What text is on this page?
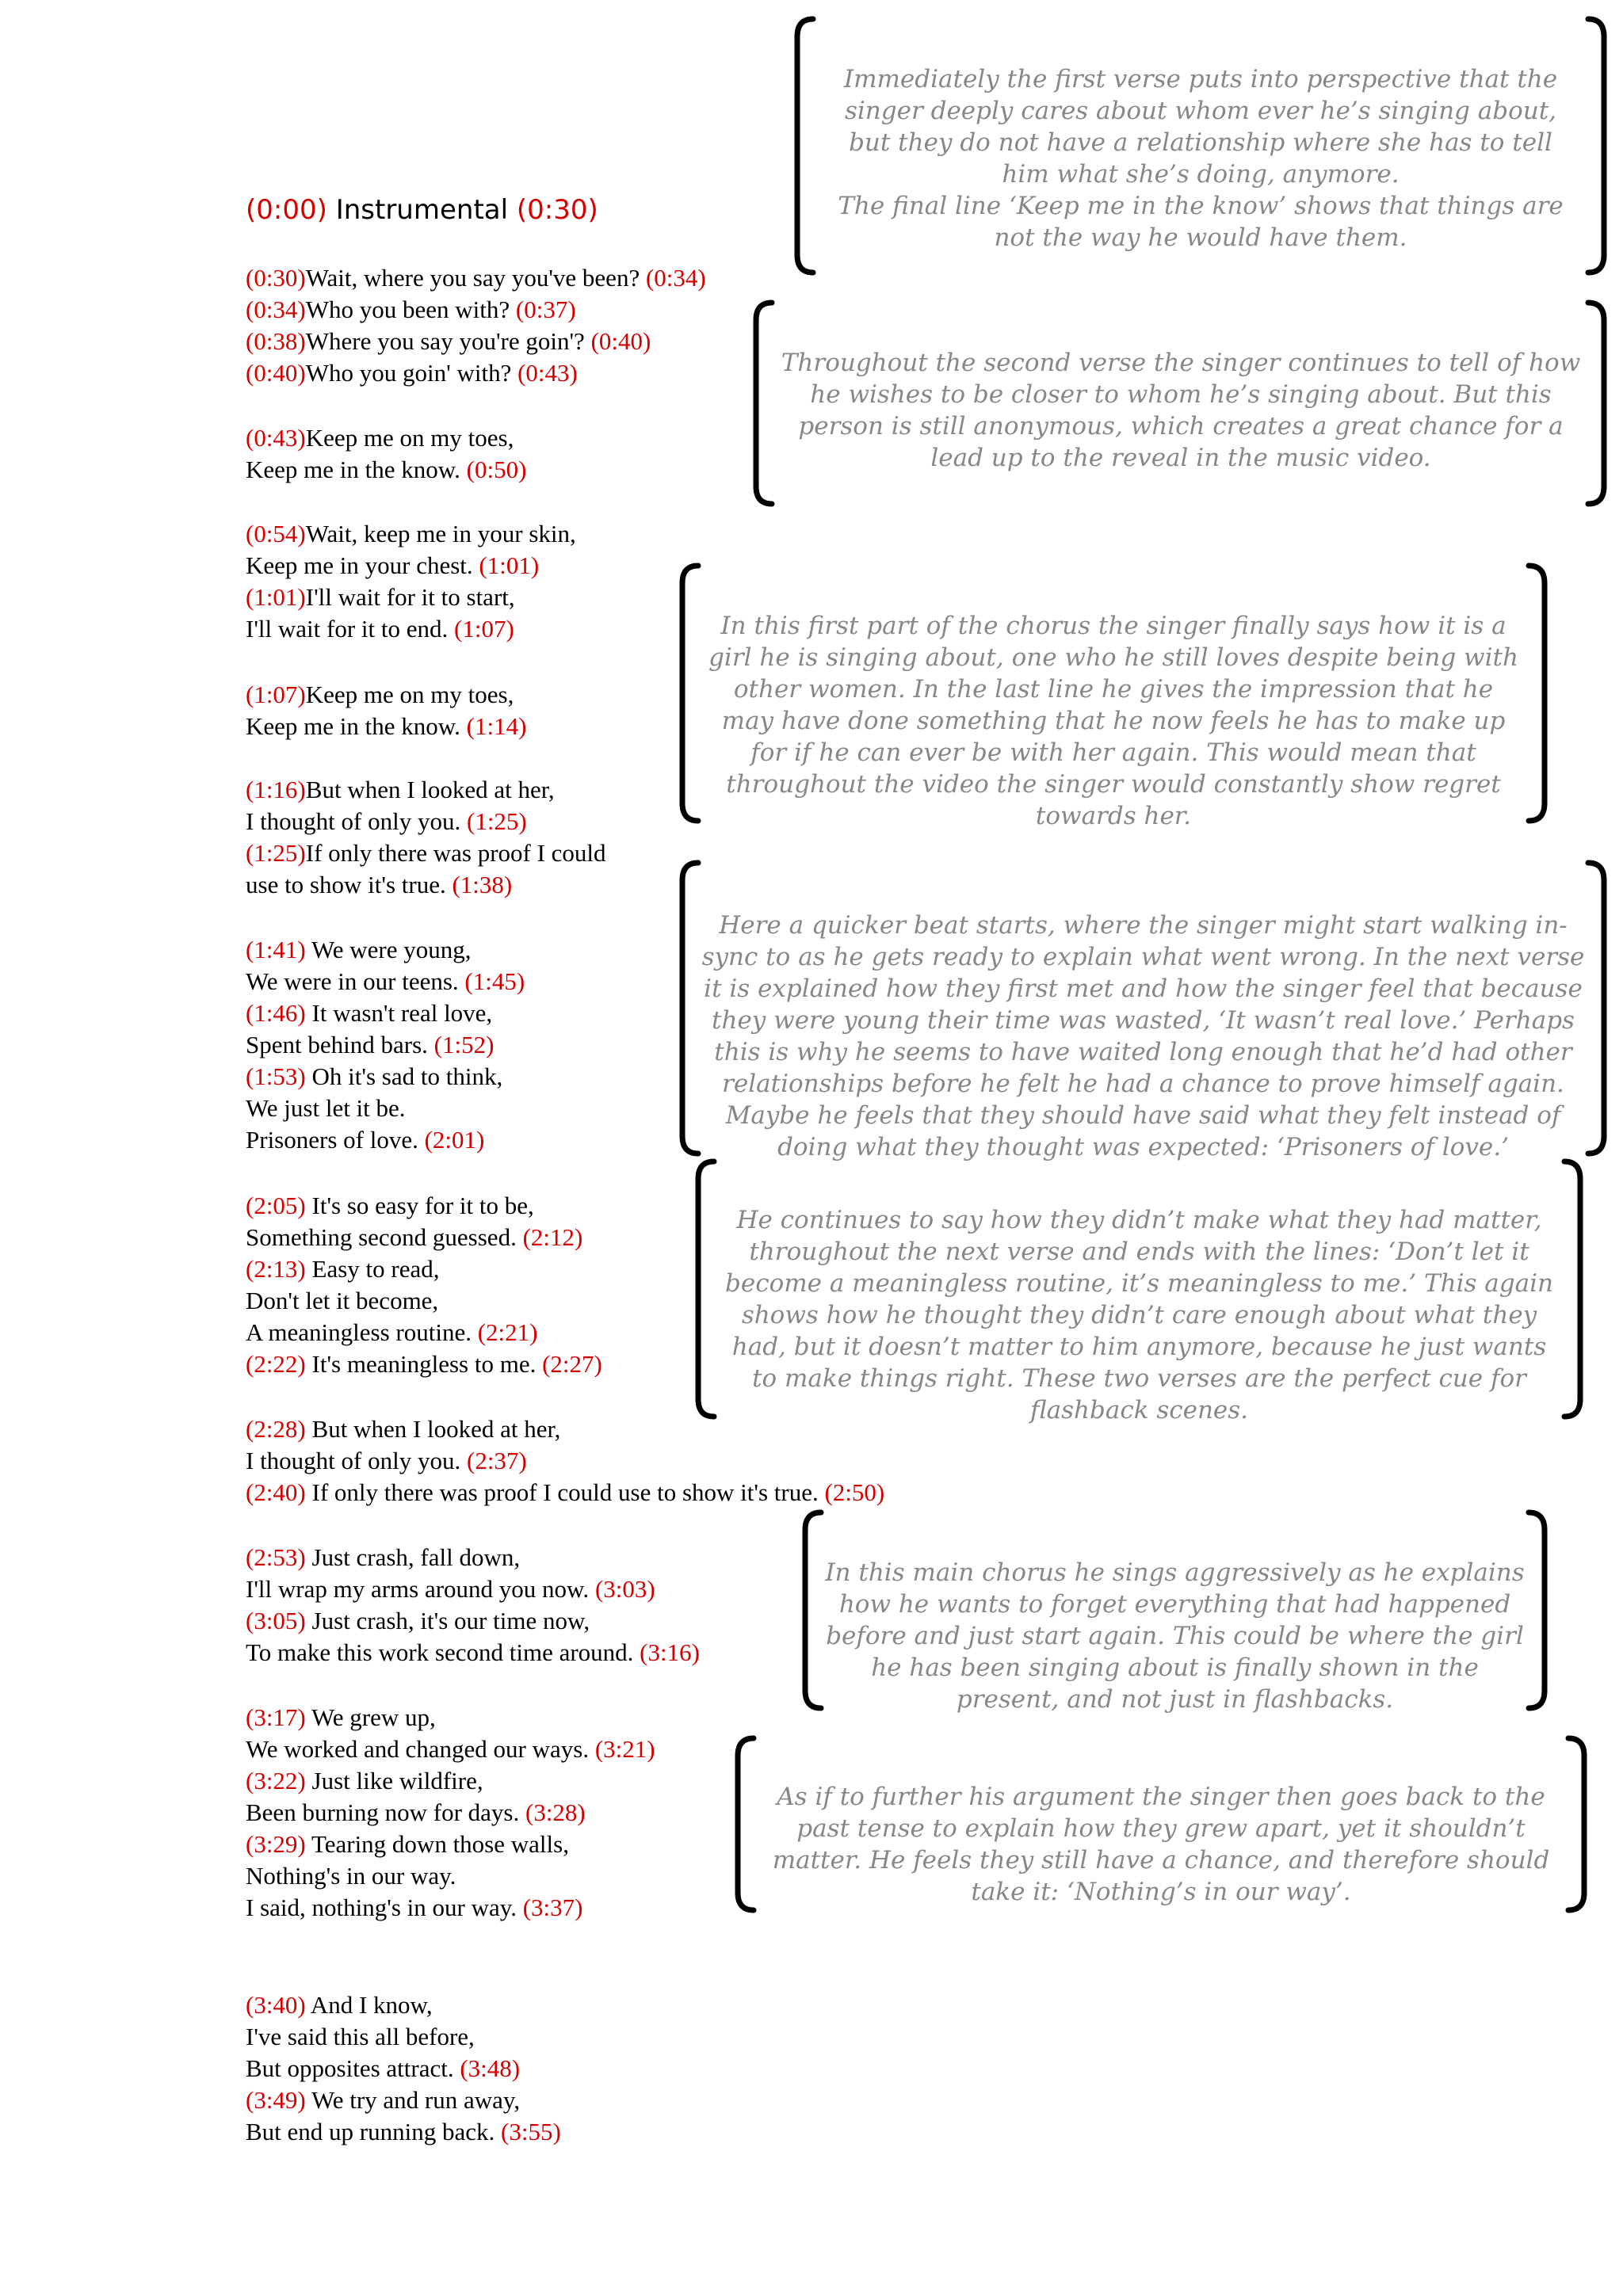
(0:00) Instrumental (0:30)
(0:30)Wait, where you say you've been? (0:34)
(0:34)Who you been with? (0:37)
(0:38)Where you say you're goin'? (0:40)
(0:40)Who you goin' with? (0:43)
(0:43)Keep me on my toes,
Keep me in the know. (0:50)
(0:54)Wait, keep me in your skin,
Keep me in your chest. (1:01)
(1:01)I'll wait for it to start,
I'll wait for it to end. (1:07)
(1:07)Keep me on my toes,
Keep me in the know. (1:14)
(1:16)But when I looked at her,
I thought of only you. (1:25)
(1:25)If only there was proof I could
use to show it's true. (1:38)
(1:41) We were young,
We were in our teens. (1:45)
(1:46) It wasn't real love,
Spent behind bars. (1:52)
(1:53) Oh it's sad to think,
We just let it be.
Prisoners of love. (2:01)
(2:05) It's so easy for it to be,
Something second guessed. (2:12)
(2:13) Easy to read,
Don't let it become,
A meaningless routine. (2:21)
(2:22) It's meaningless to me. (2:27)
(2:28) But when I looked at her,
I thought of only you. (2:37)
(2:40) If only there was proof I could use to show it's true. (2:50)
(2:53) Just crash, fall down,
I'll wrap my arms around you now. (3:03)
(3:05) Just crash, it's our time now,
To make this work second time around. (3:16)
(3:17) We grew up,
We worked and changed our ways. (3:21)
(3:22) Just like wildfire,
Been burning now for days. (3:28)
(3:29) Tearing down those walls,
Nothing's in our way.
I said, nothing's in our way. (3:37)
(3:40) And I know,
I've said this all before,
But opposites attract. (3:48)
(3:49) We try and run away,
But end up running back. (3:55)

Immediately the first verse puts into perspective that the singer deeply cares about whom ever he’s singing about, but they do not have a relationship where she has to tell him what she’s doing, anymore.

The final line ‘Keep me in the know’ shows that things are not the way he would have them.

Throughout the second verse the singer continues to tell of how he wishes to be closer to whom he’s singing about. But this person is still anonymous, which creates a great chance for a lead up to the reveal in the music video.

In this first part of the chorus the singer finally says how it is a girl he is singing about, one who he still loves despite being with other women. In the last line he gives the impression that he may have done something that he now feels he has to make up for if he can ever be with her again. This would mean that throughout the video the singer would constantly show regret towards her.

Here a quicker beat starts, where the singer might start walking in-sync to as he gets ready to explain what went wrong. In the next verse it is explained how they first met and how the singer feel that because they were young their time was wasted, ‘It wasn’t real love.’ Perhaps this is why he seems to have waited long enough that he’d had other relationships before he felt he had a chance to prove himself again. Maybe he feels that they should have said what they felt instead of doing what they thought was expected: ‘Prisoners of love.’

He continues to say how they didn’t make what they had matter, throughout the next verse and ends with the lines: ‘Don’t let it become a meaningless routine, it’s meaningless to me.’ This again shows how he thought they didn’t care enough about what they had, but it doesn’t matter to him anymore, because he just wants to make things right. These two verses are the perfect cue for flashback scenes.

In this main chorus he sings aggressively as he explains how he wants to forget everything that had happened before and just start again. This could be where the girl he has been singing about is finally shown in the present, and not just in flashbacks.

As if to further his argument the singer then goes back to the past tense to explain how they grew apart, yet it shouldn’t matter. He feels they still have a chance, and therefore should take it: ‘Nothing’s in our way’.
